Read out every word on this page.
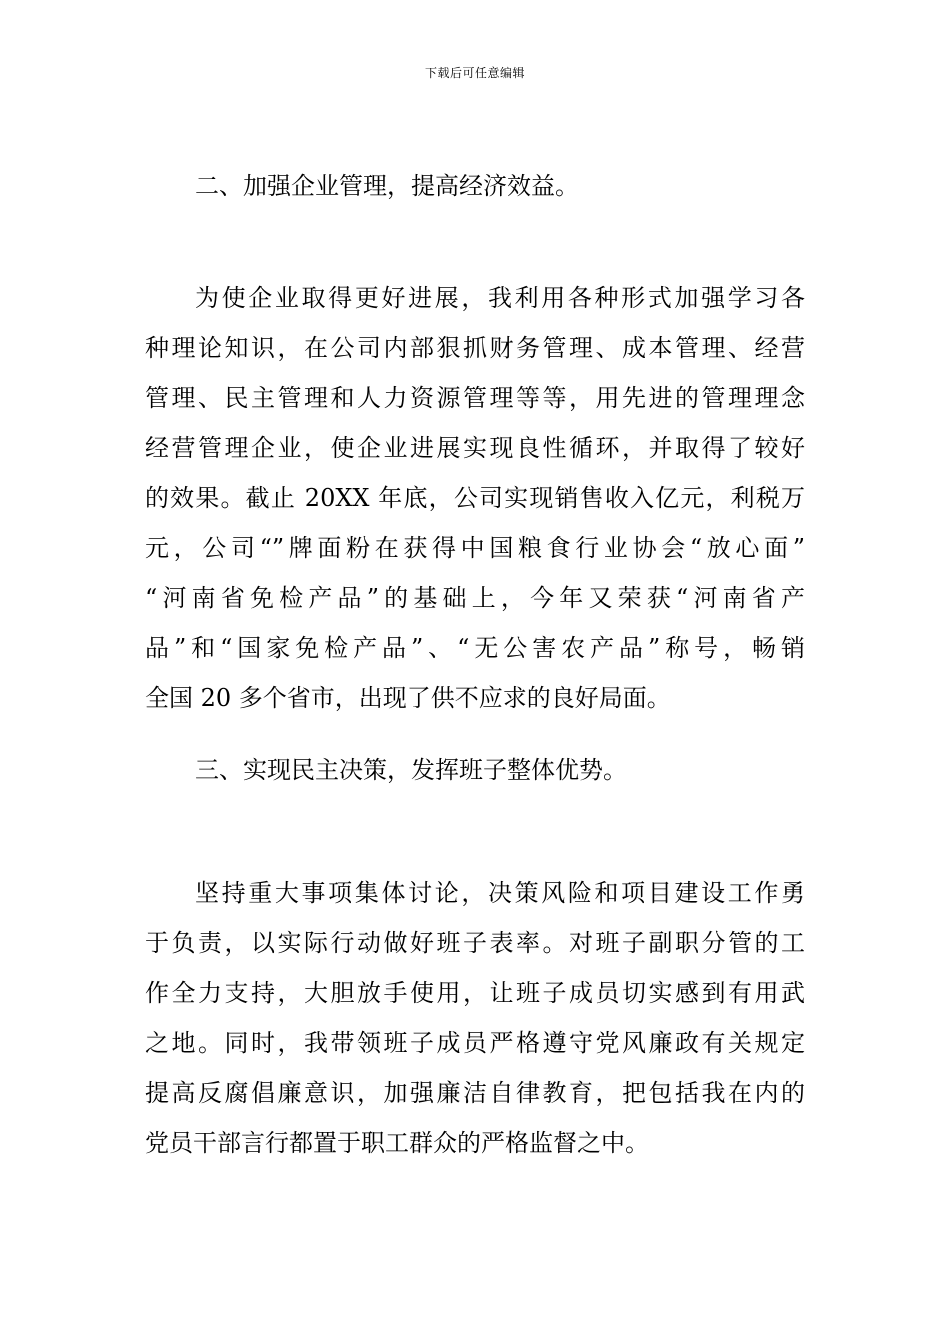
下载后可任意编辑
二、加强企业管理，提高经济效益。
为使企业取得更好进展，我利用各种形式加强学习各
种理论知识，在公司内部狠抓财务管理、成本管理、经营
管理、民主管理和人力资源管理等等，用先进的管理理念
经营管理企业，使企业进展实现良性循环，并取得了较好
的效果。截止 20XX 年底，公司实现销售收入亿元，利税万
元，公司“”牌面粉在获得中国粮食行业协会“放心面”
“河南省免检产品”的基础上，今年又荣获“河南省产
品”和“国家免检产品”、“无公害农产品”称号，畅销
全国 20 多个省市，出现了供不应求的良好局面。
三、实现民主决策，发挥班子整体优势。
坚持重大事项集体讨论，决策风险和项目建设工作勇
于负责，以实际行动做好班子表率。对班子副职分管的工
作全力支持，大胆放手使用，让班子成员切实感到有用武
之地。同时，我带领班子成员严格遵守党风廉政有关规定
提高反腐倡廉意识，加强廉洁自律教育，把包括我在内的
党员干部言行都置于职工群众的严格监督之中。
